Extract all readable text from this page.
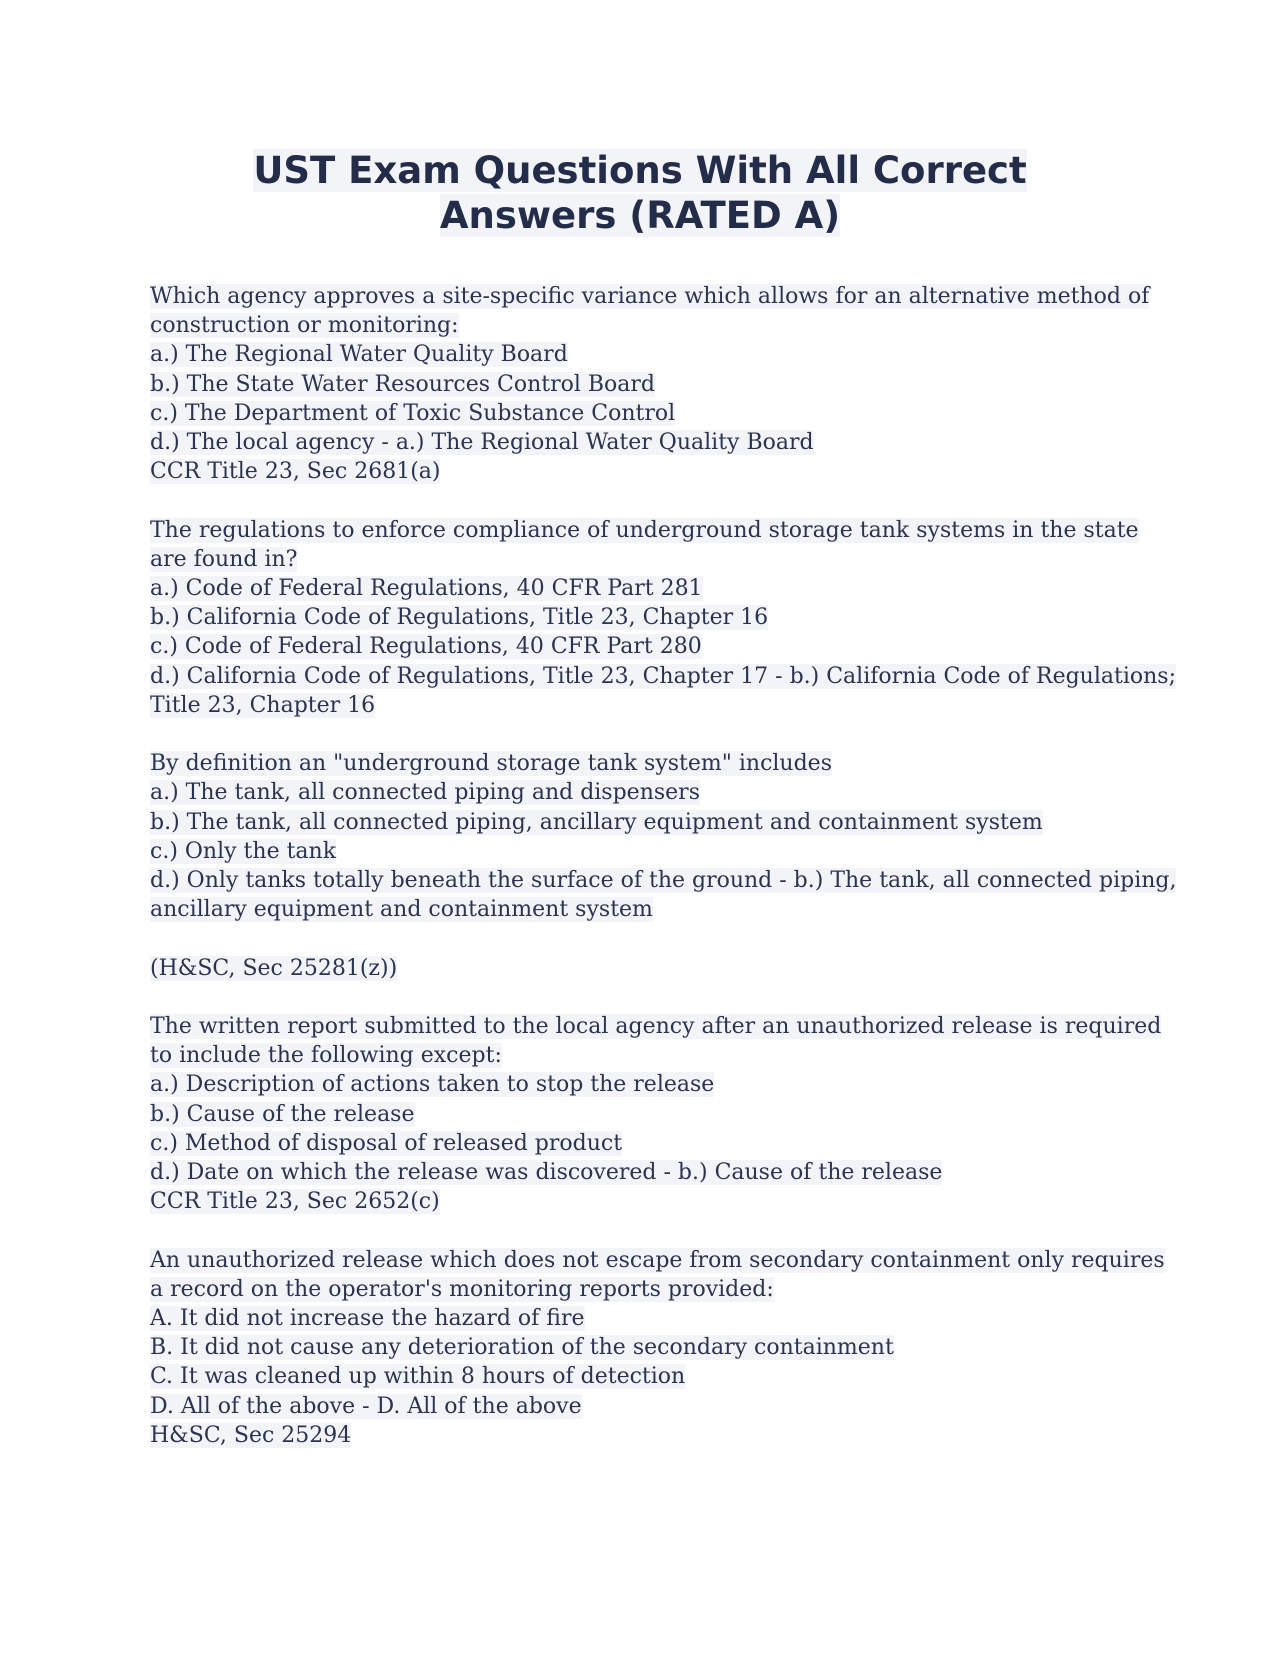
UST Exam Questions With All Correct
Answers (RATED A)
Which agency approves a site-specific variance which allows for an alternative method of
construction or monitoring:
a.) The Regional Water Quality Board
b.) The State Water Resources Control Board
c.) The Department of Toxic Substance Control
d.) The local agency - a.) The Regional Water Quality Board
CCR Title 23, Sec 2681(a)
The regulations to enforce compliance of underground storage tank systems in the state
are found in?
a.) Code of Federal Regulations, 40 CFR Part 281
b.) California Code of Regulations, Title 23, Chapter 16
c.) Code of Federal Regulations, 40 CFR Part 280
d.) California Code of Regulations, Title 23, Chapter 17 - b.) California Code of Regulations;
Title 23, Chapter 16
By definition an "underground storage tank system" includes
a.) The tank, all connected piping and dispensers
b.) The tank, all connected piping, ancillary equipment and containment system
c.) Only the tank
d.) Only tanks totally beneath the surface of the ground - b.) The tank, all connected piping,
ancillary equipment and containment system
(H&SC, Sec 25281(z))
The written report submitted to the local agency after an unauthorized release is required
to include the following except:
a.) Description of actions taken to stop the release
b.) Cause of the release
c.) Method of disposal of released product
d.) Date on which the release was discovered - b.) Cause of the release
CCR Title 23, Sec 2652(c)
An unauthorized release which does not escape from secondary containment only requires
a record on the operator's monitoring reports provided:
A. It did not increase the hazard of fire
B. It did not cause any deterioration of the secondary containment
C. It was cleaned up within 8 hours of detection
D. All of the above - D. All of the above
H&SC, Sec 25294
